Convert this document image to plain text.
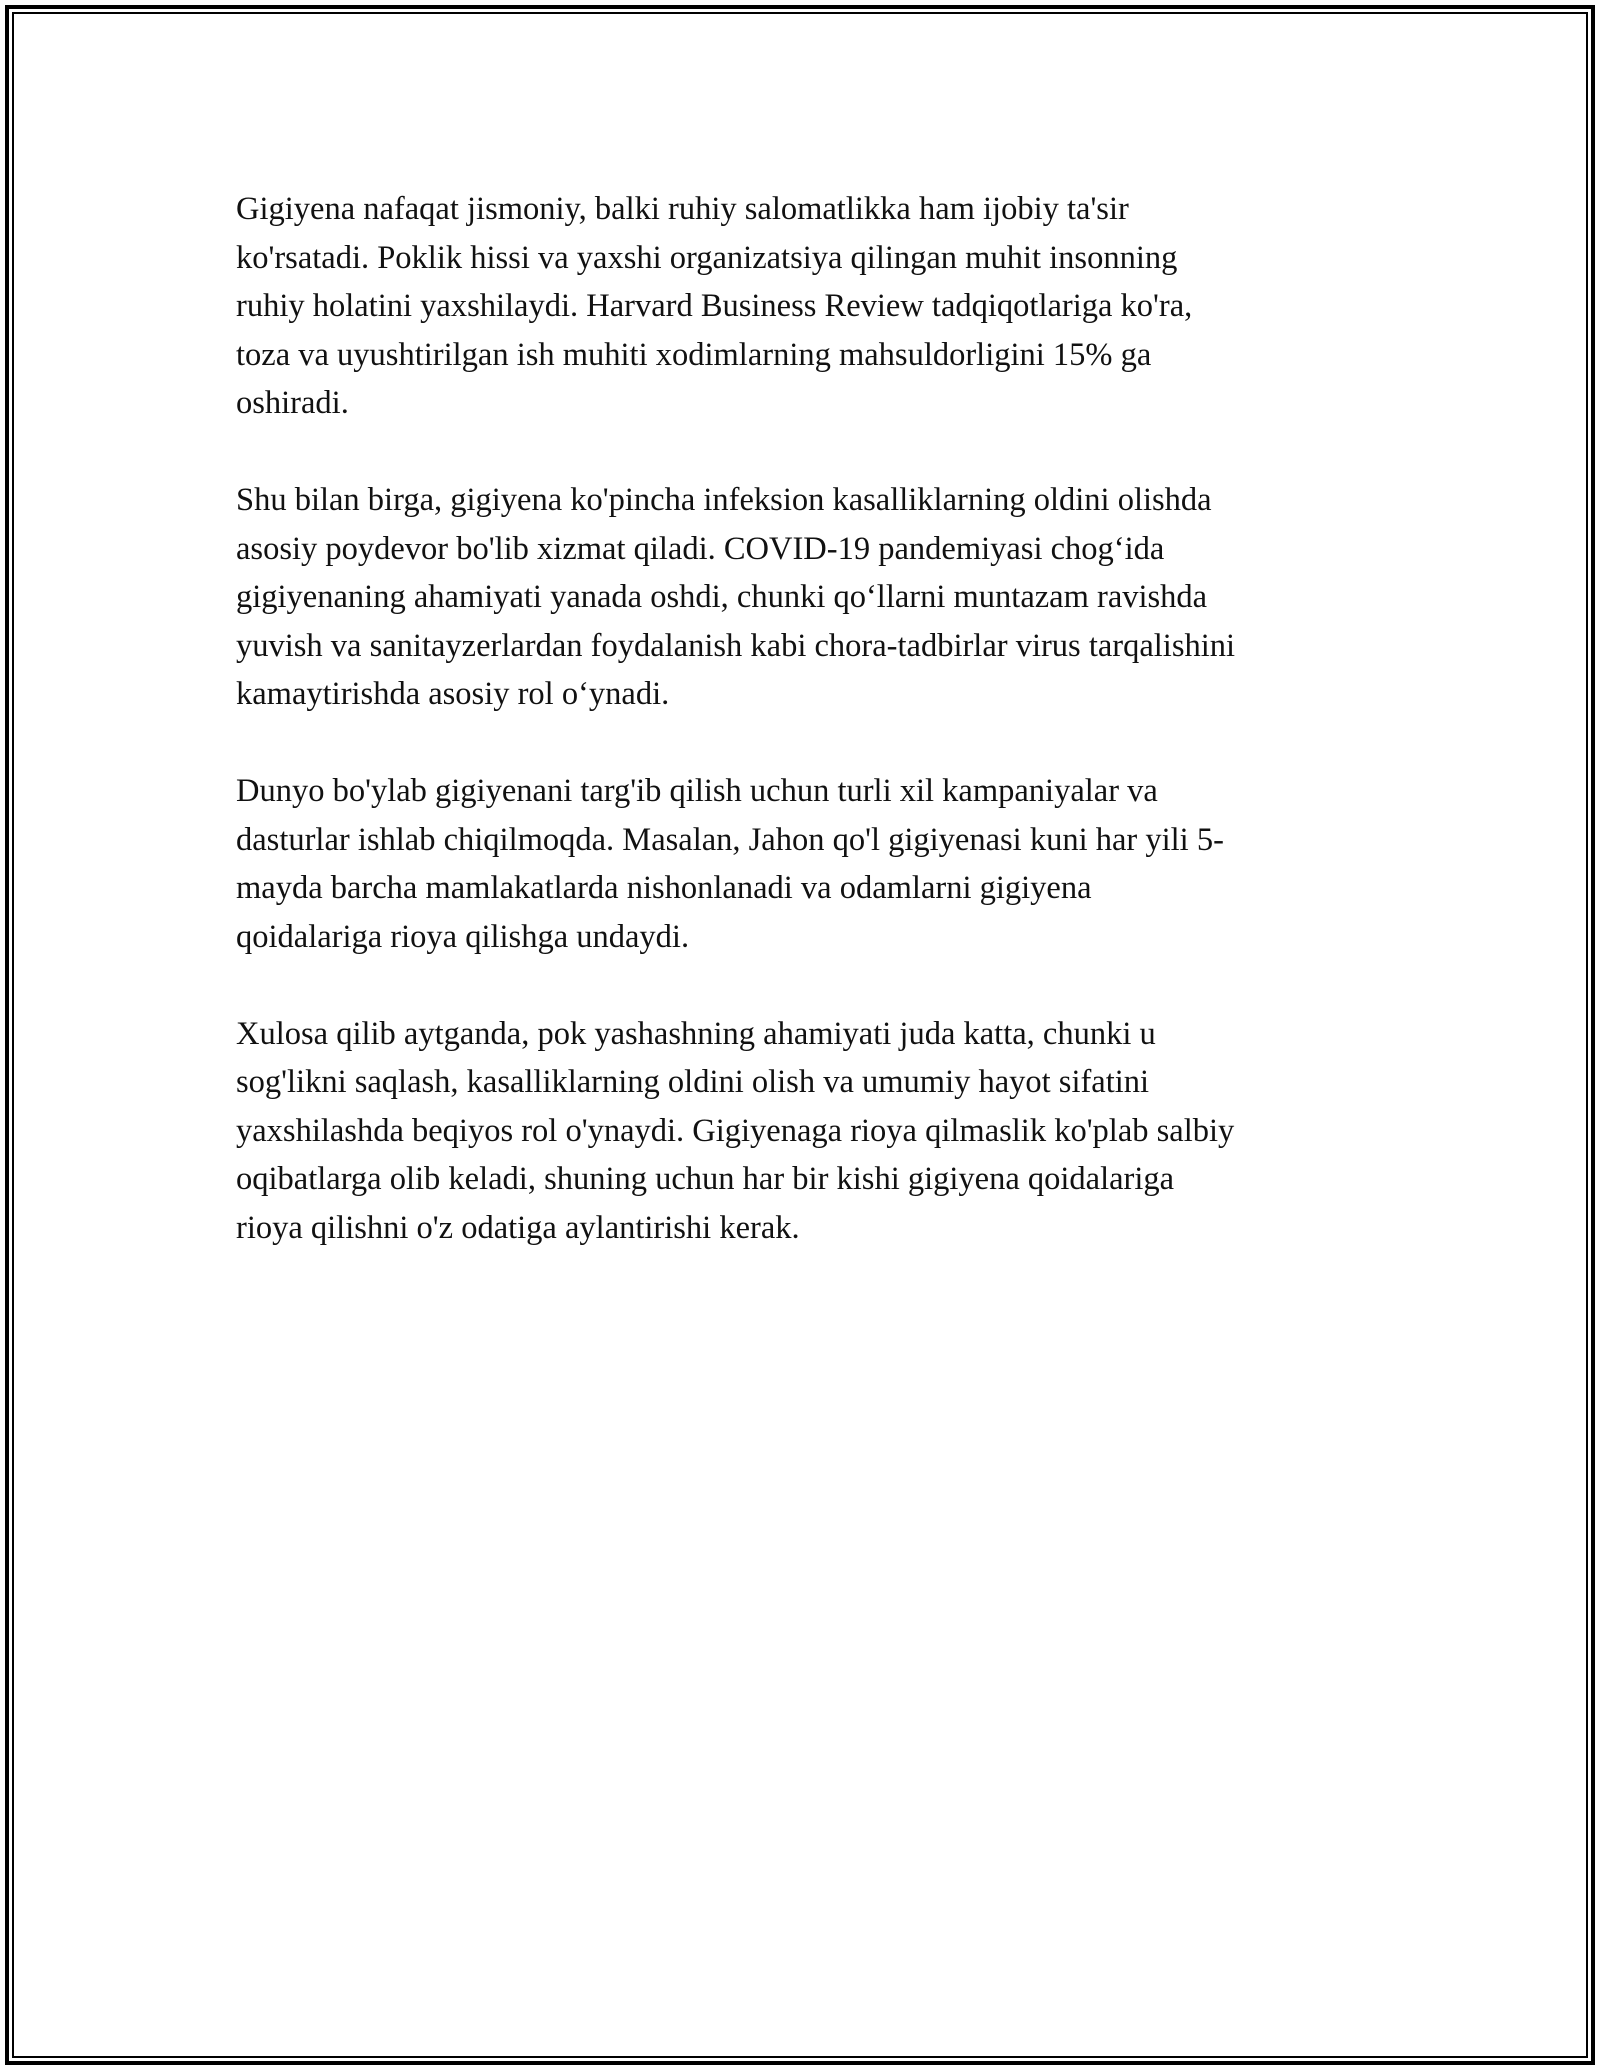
Gigiyena nafaqat jismoniy, balki ruhiy salomatlikka ham ijobiy ta'sir
ko'rsatadi. Poklik hissi va yaxshi organizatsiya qilingan muhit insonning
ruhiy holatini yaxshilaydi. Harvard Business Review tadqiqotlariga ko'ra,
toza va uyushtirilgan ish muhiti xodimlarning mahsuldorligini 15% ga
oshiradi.

Shu bilan birga, gigiyena ko'pincha infeksion kasalliklarning oldini olishda
asosiy poydevor bo'lib xizmat qiladi. COVID-19 pandemiyasi chog‘ida
gigiyenaning ahamiyati yanada oshdi, chunki qo‘llarni muntazam ravishda
yuvish va sanitayzerlardan foydalanish kabi chora-tadbirlar virus tarqalishini
kamaytirishda asosiy rol o‘ynadi.

Dunyo bo'ylab gigiyenani targ'ib qilish uchun turli xil kampaniyalar va
dasturlar ishlab chiqilmoqda. Masalan, Jahon qo'l gigiyenasi kuni har yili 5-
mayda barcha mamlakatlarda nishonlanadi va odamlarni gigiyena
qoidalariga rioya qilishga undaydi.

Xulosa qilib aytganda, pok yashashning ahamiyati juda katta, chunki u
sog'likni saqlash, kasalliklarning oldini olish va umumiy hayot sifatini
yaxshilashda beqiyos rol o'ynaydi. Gigiyenaga rioya qilmaslik ko'plab salbiy
oqibatlarga olib keladi, shuning uchun har bir kishi gigiyena qoidalariga
rioya qilishni o'z odatiga aylantirishi kerak.
